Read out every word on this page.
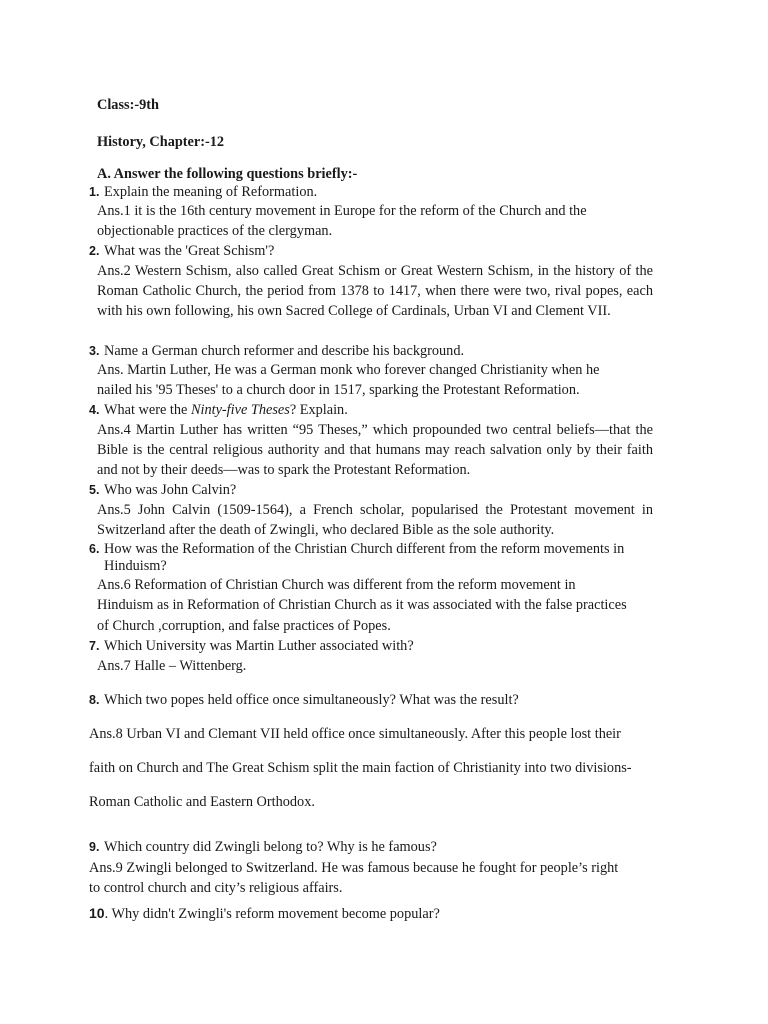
Class:-9th
History, Chapter:-12
A. Answer the following questions briefly:-
1. Explain the meaning of Reformation.
Ans.1 it is the 16th century movement in Europe for the reform of the Church and the
objectionable practices of the clergyman.
2. What was the 'Great Schism'?
Ans.2 Western Schism, also called Great Schism or Great Western Schism, in the history of the Roman Catholic Church, the period from 1378 to 1417, when there were two, rival popes, each with his own following, his own Sacred College of Cardinals, Urban VI and Clement VII.
3. Name a German church reformer and describe his background.
Ans. Martin Luther, He was a German monk who forever changed Christianity when he
nailed his '95 Theses' to a church door in 1517, sparking the Protestant Reformation.
4. What were the Ninty-five Theses? Explain.
Ans.4 Martin Luther has written “95 Theses,” which propounded two central beliefs—that the Bible is the central religious authority and that humans may reach salvation only by their faith and not by their deeds—was to spark the Protestant Reformation.
5. Who was John Calvin?
Ans.5 John Calvin (1509-1564), a French scholar, popularised the Protestant movement in Switzerland after the death of Zwingli, who declared Bible as the sole authority.
6. How was the Reformation of the Christian Church different from the reform movements in
Hinduism?
Ans.6 Reformation of Christian Church was different from the reform movement in
Hinduism as in Reformation of Christian Church as it was associated with the false practices
of Church ,corruption, and false practices of Popes.
7. Which University was Martin Luther associated with?
Ans.7 Halle – Wittenberg.
8. Which two popes held office once simultaneously? What was the result?
Ans.8 Urban VI and Clemant VII held office once simultaneously. After this people lost their
faith on Church and The Great Schism split the main faction of Christianity into two divisions-
Roman Catholic and Eastern Orthodox.
9. Which country did Zwingli belong to? Why is he famous?
Ans.9 Zwingli belonged to Switzerland. He was famous because he fought for people’s right
to control church and city’s religious affairs.
10. Why didn't Zwingli's reform movement become popular?
